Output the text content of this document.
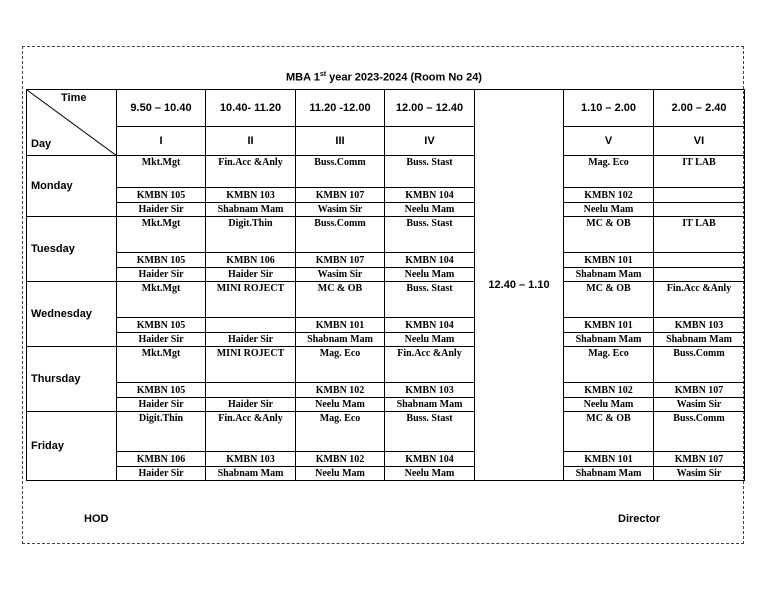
MBA 1st year 2023-2024 (Room No 24)
Time
Day	9.50 – 10.40	10.40- 11.20	11.20 -12.00	12.00 – 12.40	12.40 – 1.10	1.10 – 2.00	2.00 – 2.40
	I	II	III	IV		V	VI
Monday	Mkt.Mgt	Fin.Acc &Anly	Buss.Comm	Buss. Stast		Mag. Eco	IT LAB
	KMBN 105	KMBN 103	KMBN 107	KMBN 104		KMBN 102	
	Haider Sir	Shabnam Mam	Wasim Sir	Neelu Mam		Neelu Mam	
Tuesday	Mkt.Mgt	Digit.Thin	Buss.Comm	Buss. Stast		MC & OB	IT LAB
	KMBN 105	KMBN 106	KMBN 107	KMBN 104		KMBN 101	
	Haider Sir	Haider Sir	Wasim Sir	Neelu Mam		Shabnam Mam	
Wednesday	Mkt.Mgt	MINI ROJECT	MC & OB	Buss. Stast		MC & OB	Fin.Acc &Anly
	KMBN 105		KMBN 101	KMBN 104		KMBN 101	KMBN 103
	Haider Sir	Haider Sir	Shabnam Mam	Neelu Mam		Shabnam Mam	Shabnam Mam
Thursday	Mkt.Mgt	MINI ROJECT	Mag. Eco	Fin.Acc &Anly		Mag. Eco	Buss.Comm
	KMBN 105		KMBN 102	KMBN 103		KMBN 102	KMBN 107
	Haider Sir	Haider Sir	Neelu Mam	Shabnam Mam		Neelu Mam	Wasim Sir
Friday	Digit.Thin	Fin.Acc &Anly	Mag. Eco	Buss. Stast		MC & OB	Buss.Comm
	KMBN 106	KMBN 103	KMBN 102	KMBN 104		KMBN 101	KMBN 107
	Haider Sir	Shabnam Mam	Neelu Mam	Neelu Mam		Shabnam Mam	Wasim Sir
HOD	Director
